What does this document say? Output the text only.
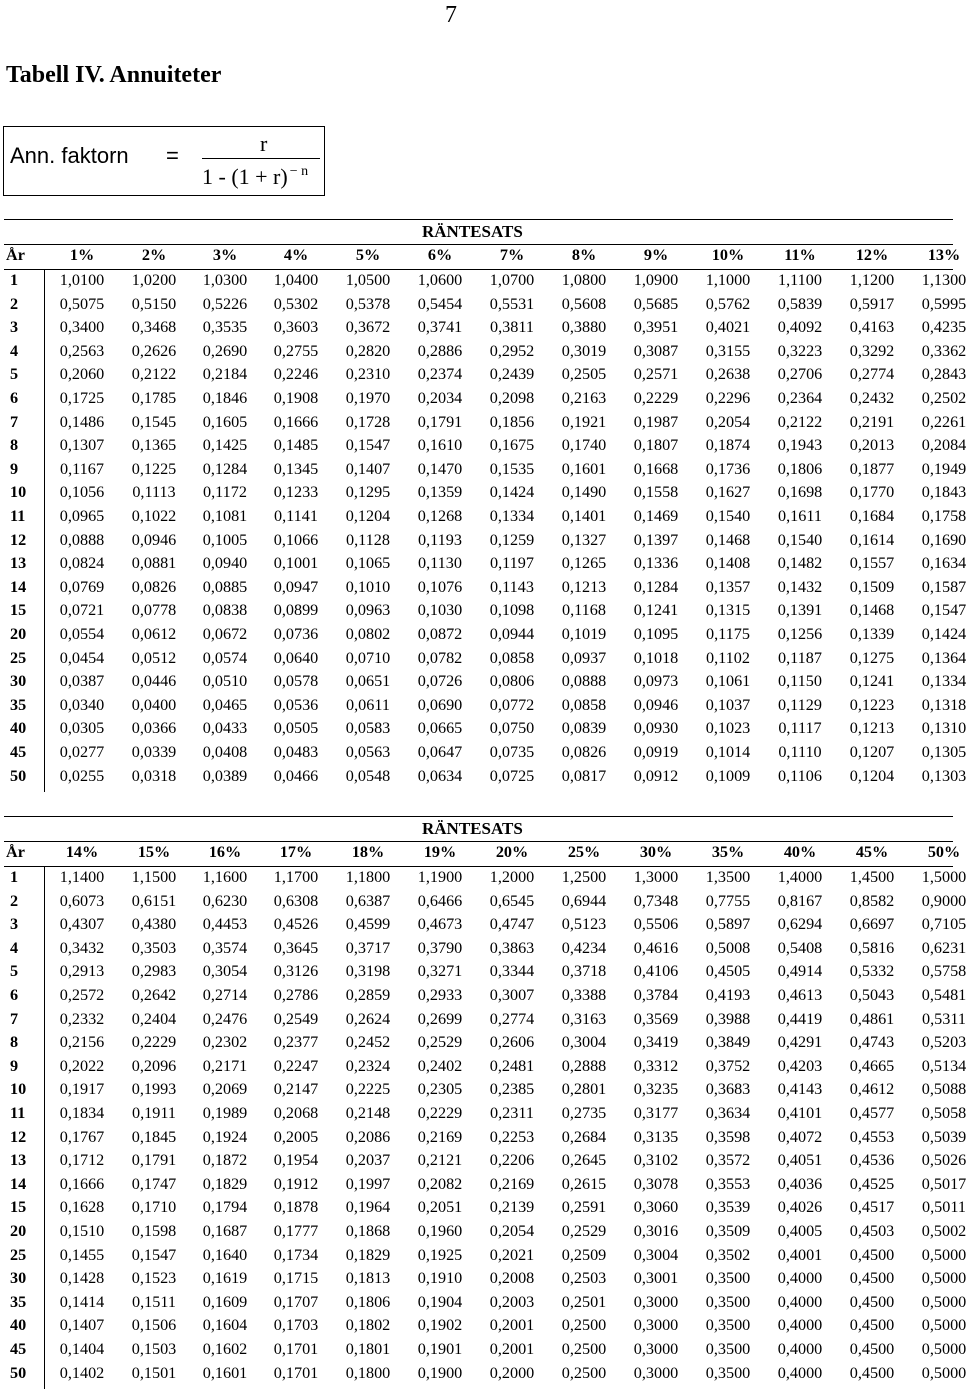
7
Tabell IV. Annuiteter
Ann. faktorn =	r
1 - (1 + r) $^{- n}$
RÄNTESATS
År	1%	2%	3%	4%	5%	6%	7%	8%	9%	10%	11%	12%	13%
1	1,0100	1,0200	1,0300	1,0400	1,0500	1,0600	1,0700	1,0800	1,0900	1,1000	1,1100	1,1200	1,1300
2	0,5075	0,5150	0,5226	0,5302	0,5378	0,5454	0,5531	0,5608	0,5685	0,5762	0,5839	0,5917	0,5995
3	0,3400	0,3468	0,3535	0,3603	0,3672	0,3741	0,3811	0,3880	0,3951	0,4021	0,4092	0,4163	0,4235
4	0,2563	0,2626	0,2690	0,2755	0,2820	0,2886	0,2952	0,3019	0,3087	0,3155	0,3223	0,3292	0,3362
5	0,2060	0,2122	0,2184	0,2246	0,2310	0,2374	0,2439	0,2505	0,2571	0,2638	0,2706	0,2774	0,2843
6	0,1725	0,1785	0,1846	0,1908	0,1970	0,2034	0,2098	0,2163	0,2229	0,2296	0,2364	0,2432	0,2502
7	0,1486	0,1545	0,1605	0,1666	0,1728	0,1791	0,1856	0,1921	0,1987	0,2054	0,2122	0,2191	0,2261
8	0,1307	0,1365	0,1425	0,1485	0,1547	0,1610	0,1675	0,1740	0,1807	0,1874	0,1943	0,2013	0,2084
9	0,1167	0,1225	0,1284	0,1345	0,1407	0,1470	0,1535	0,1601	0,1668	0,1736	0,1806	0,1877	0,1949
10	0,1056	0,1113	0,1172	0,1233	0,1295	0,1359	0,1424	0,1490	0,1558	0,1627	0,1698	0,1770	0,1843
11	0,0965	0,1022	0,1081	0,1141	0,1204	0,1268	0,1334	0,1401	0,1469	0,1540	0,1611	0,1684	0,1758
12	0,0888	0,0946	0,1005	0,1066	0,1128	0,1193	0,1259	0,1327	0,1397	0,1468	0,1540	0,1614	0,1690
13	0,0824	0,0881	0,0940	0,1001	0,1065	0,1130	0,1197	0,1265	0,1336	0,1408	0,1482	0,1557	0,1634
14	0,0769	0,0826	0,0885	0,0947	0,1010	0,1076	0,1143	0,1213	0,1284	0,1357	0,1432	0,1509	0,1587
15	0,0721	0,0778	0,0838	0,0899	0,0963	0,1030	0,1098	0,1168	0,1241	0,1315	0,1391	0,1468	0,1547
20	0,0554	0,0612	0,0672	0,0736	0,0802	0,0872	0,0944	0,1019	0,1095	0,1175	0,1256	0,1339	0,1424
25	0,0454	0,0512	0,0574	0,0640	0,0710	0,0782	0,0858	0,0937	0,1018	0,1102	0,1187	0,1275	0,1364
30	0,0387	0,0446	0,0510	0,0578	0,0651	0,0726	0,0806	0,0888	0,0973	0,1061	0,1150	0,1241	0,1334
35	0,0340	0,0400	0,0465	0,0536	0,0611	0,0690	0,0772	0,0858	0,0946	0,1037	0,1129	0,1223	0,1318
40	0,0305	0,0366	0,0433	0,0505	0,0583	0,0665	0,0750	0,0839	0,0930	0,1023	0,1117	0,1213	0,1310
45	0,0277	0,0339	0,0408	0,0483	0,0563	0,0647	0,0735	0,0826	0,0919	0,1014	0,1110	0,1207	0,1305
50	0,0255	0,0318	0,0389	0,0466	0,0548	0,0634	0,0725	0,0817	0,0912	0,1009	0,1106	0,1204	0,1303
RÄNTESATS
År	14%	15%	16%	17%	18%	19%	20%	25%	30%	35%	40%	45%	50%
1	1,1400	1,1500	1,1600	1,1700	1,1800	1,1900	1,2000	1,2500	1,3000	1,3500	1,4000	1,4500	1,5000
2	0,6073	0,6151	0,6230	0,6308	0,6387	0,6466	0,6545	0,6944	0,7348	0,7755	0,8167	0,8582	0,9000
3	0,4307	0,4380	0,4453	0,4526	0,4599	0,4673	0,4747	0,5123	0,5506	0,5897	0,6294	0,6697	0,7105
4	0,3432	0,3503	0,3574	0,3645	0,3717	0,3790	0,3863	0,4234	0,4616	0,5008	0,5408	0,5816	0,6231
5	0,2913	0,2983	0,3054	0,3126	0,3198	0,3271	0,3344	0,3718	0,4106	0,4505	0,4914	0,5332	0,5758
6	0,2572	0,2642	0,2714	0,2786	0,2859	0,2933	0,3007	0,3388	0,3784	0,4193	0,4613	0,5043	0,5481
7	0,2332	0,2404	0,2476	0,2549	0,2624	0,2699	0,2774	0,3163	0,3569	0,3988	0,4419	0,4861	0,5311
8	0,2156	0,2229	0,2302	0,2377	0,2452	0,2529	0,2606	0,3004	0,3419	0,3849	0,4291	0,4743	0,5203
9	0,2022	0,2096	0,2171	0,2247	0,2324	0,2402	0,2481	0,2888	0,3312	0,3752	0,4203	0,4665	0,5134
10	0,1917	0,1993	0,2069	0,2147	0,2225	0,2305	0,2385	0,2801	0,3235	0,3683	0,4143	0,4612	0,5088
11	0,1834	0,1911	0,1989	0,2068	0,2148	0,2229	0,2311	0,2735	0,3177	0,3634	0,4101	0,4577	0,5058
12	0,1767	0,1845	0,1924	0,2005	0,2086	0,2169	0,2253	0,2684	0,3135	0,3598	0,4072	0,4553	0,5039
13	0,1712	0,1791	0,1872	0,1954	0,2037	0,2121	0,2206	0,2645	0,3102	0,3572	0,4051	0,4536	0,5026
14	0,1666	0,1747	0,1829	0,1912	0,1997	0,2082	0,2169	0,2615	0,3078	0,3553	0,4036	0,4525	0,5017
15	0,1628	0,1710	0,1794	0,1878	0,1964	0,2051	0,2139	0,2591	0,3060	0,3539	0,4026	0,4517	0,5011
20	0,1510	0,1598	0,1687	0,1777	0,1868	0,1960	0,2054	0,2529	0,3016	0,3509	0,4005	0,4503	0,5002
25	0,1455	0,1547	0,1640	0,1734	0,1829	0,1925	0,2021	0,2509	0,3004	0,3502	0,4001	0,4500	0,5000
30	0,1428	0,1523	0,1619	0,1715	0,1813	0,1910	0,2008	0,2503	0,3001	0,3500	0,4000	0,4500	0,5000
35	0,1414	0,1511	0,1609	0,1707	0,1806	0,1904	0,2003	0,2501	0,3000	0,3500	0,4000	0,4500	0,5000
40	0,1407	0,1506	0,1604	0,1703	0,1802	0,1902	0,2001	0,2500	0,3000	0,3500	0,4000	0,4500	0,5000
45	0,1404	0,1503	0,1602	0,1701	0,1801	0,1901	0,2001	0,2500	0,3000	0,3500	0,4000	0,4500	0,5000
50	0,1402	0,1501	0,1601	0,1701	0,1800	0,1900	0,2000	0,2500	0,3000	0,3500	0,4000	0,4500	0,5000
